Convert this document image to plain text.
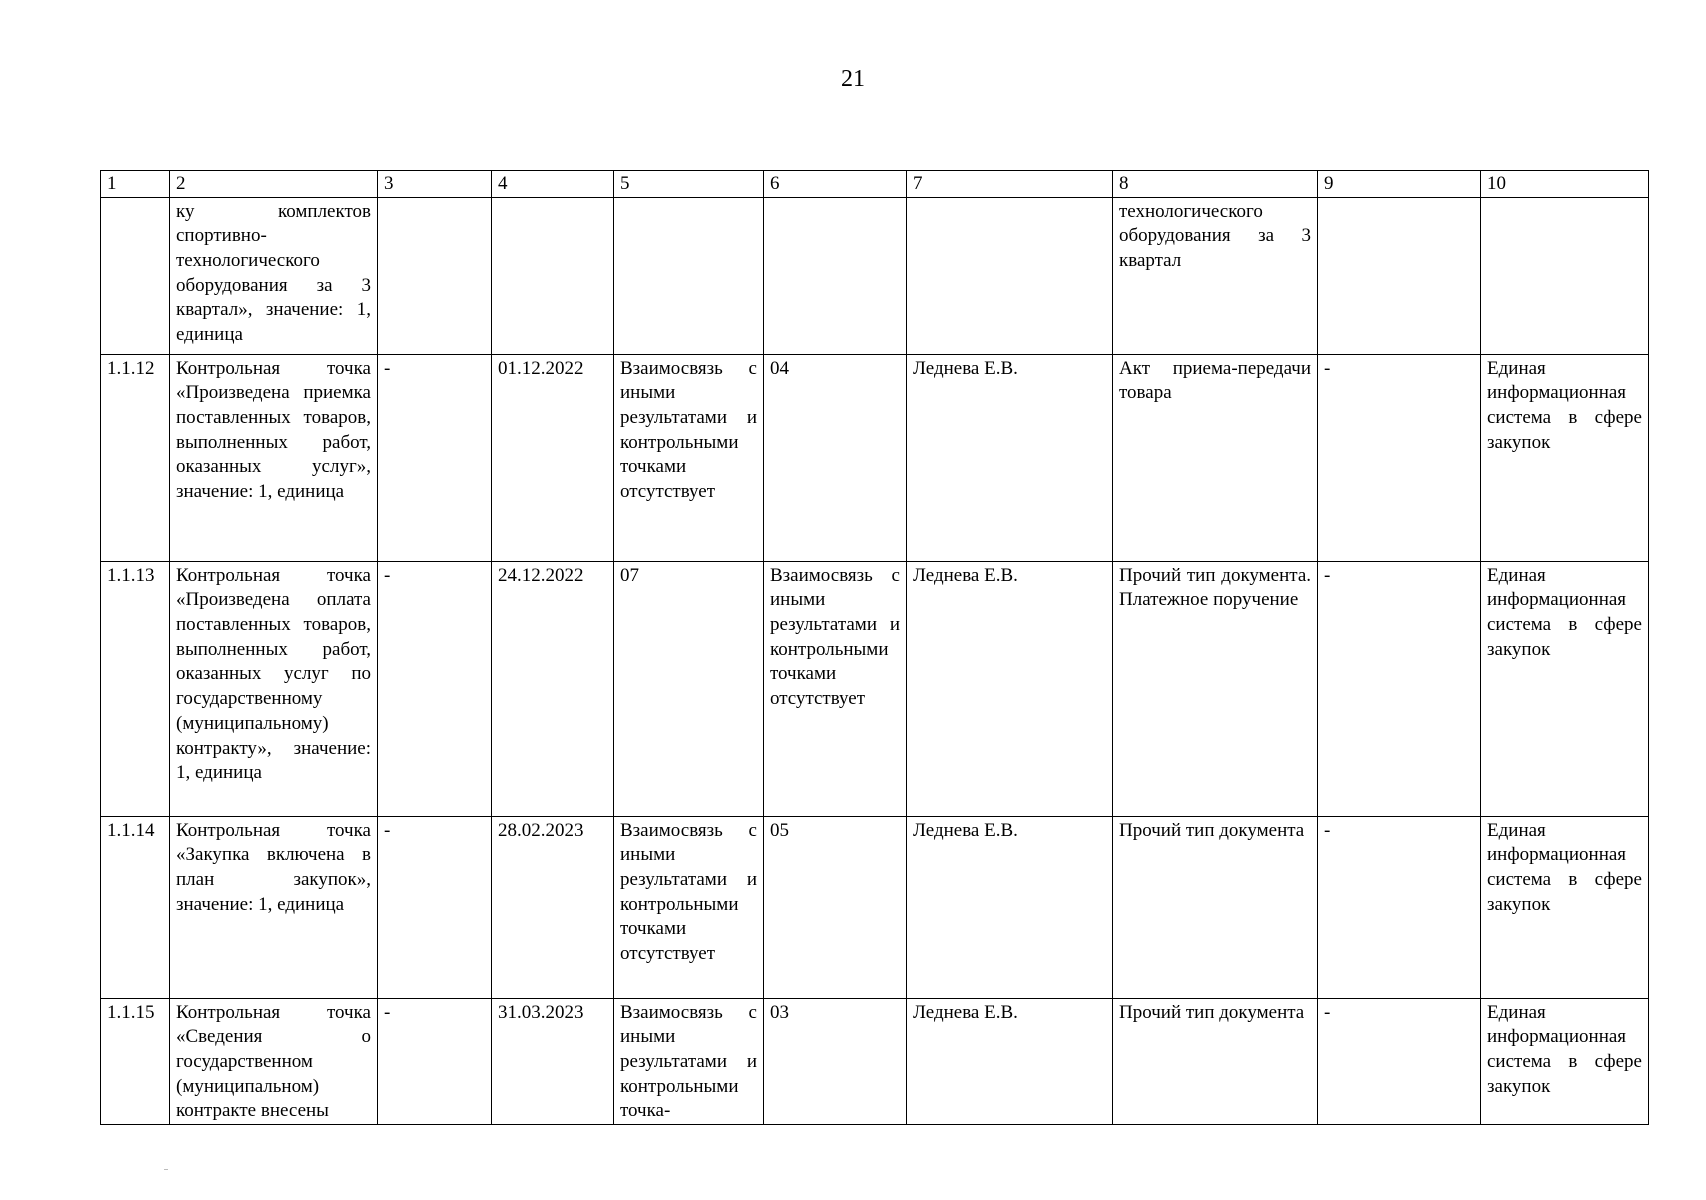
21
1	2	3	4	5	6	7	8	9	10
	ку комплектов спортивно-технологического оборудования за 3 квартал», значение: 1, единица						технологического оборудования за 3 квартал		
1.1.12	Контрольная точка «Произведена приемка поставленных товаров, выполненных работ, оказанных услуг», значение: 1, единица	-	01.12.2022	Взаимосвязь с иными результатами и контрольными точками отсутствует	04	Леднева Е.В.	Акт приема-передачи товара	-	Единая информационная система в сфере закупок
1.1.13	Контрольная точка «Произведена оплата поставленных товаров, выполненных работ, оказанных услуг по государственному (муниципальному) контракту», значение: 1, единица	-	24.12.2022	07	Взаимосвязь с иными результатами и контрольными точками отсутствует	Леднева Е.В.	Прочий тип документа. Платежное поручение	-	Единая информационная система в сфере закупок
1.1.14	Контрольная точка «Закупка включена в план закупок», значение: 1, единица	-	28.02.2023	Взаимосвязь с иными результатами и контрольными точками отсутствует	05	Леднева Е.В.	Прочий тип документа	-	Единая информационная система в сфере закупок
1.1.15	Контрольная точка «Сведения о государственном (муниципальном) контракте внесены	-	31.03.2023	Взаимосвязь с иными результатами и контрольными точка-	03	Леднева Е.В.	Прочий тип документа	-	Единая информационная система в сфере закупок
